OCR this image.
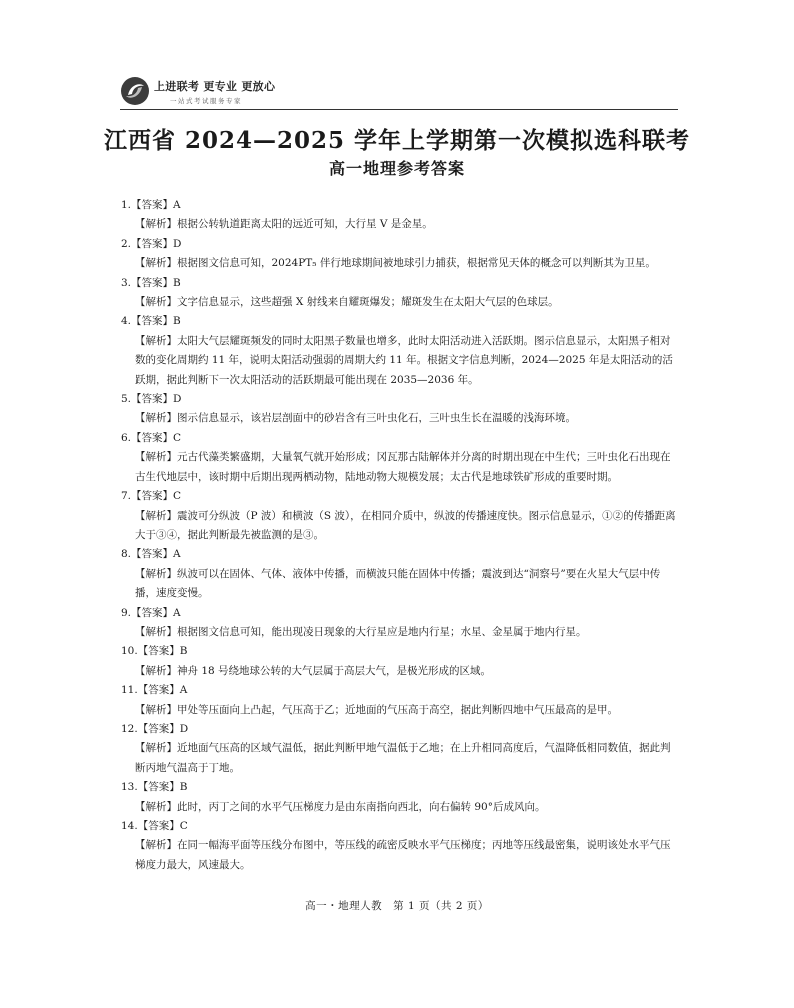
上进联考 更专业 更放心
一站式考试服务专家
江西省 2024—2025 学年上学期第一次模拟选科联考
高一地理参考答案

1.【答案】A

【解析】根据公转轨道距离太阳的远近可知，大行星 V 是金星。

2.【答案】D

【解析】根据图文信息可知，2024PT₅ 伴行地球期间被地球引力捕获，根据常见天体的概念可以判断其为卫星。

3.【答案】B

【解析】文字信息显示，这些超强 X 射线来自耀斑爆发；耀斑发生在太阳大气层的色球层。

4.【答案】B

【解析】太阳大气层耀斑频发的同时太阳黑子数量也增多，此时太阳活动进入活跃期。图示信息显示，太阳黑子相对数的变化周期约 11 年，说明太阳活动强弱的周期大约 11 年。根据文字信息判断，2024—2025 年是太阳活动的活跃期，据此判断下一次太阳活动的活跃期最可能出现在 2035—2036 年。

5.【答案】D

【解析】图示信息显示，该岩层剖面中的砂岩含有三叶虫化石，三叶虫生长在温暖的浅海环境。

6.【答案】C

【解析】元古代藻类繁盛期，大量氧气就开始形成；冈瓦那古陆解体并分离的时期出现在中生代；三叶虫化石出现在古生代地层中，该时期中后期出现两栖动物，陆地动物大规模发展；太古代是地球铁矿形成的重要时期。

7.【答案】C

【解析】震波可分纵波（P 波）和横波（S 波），在相同介质中，纵波的传播速度快。图示信息显示，①②的传播距离大于③④，据此判断最先被监测的是③。

8.【答案】A

【解析】纵波可以在固体、气体、液体中传播，而横波只能在固体中传播；震波到达“洞察号”要在火星大气层中传播，速度变慢。

9.【答案】A

【解析】根据图文信息可知，能出现凌日现象的大行星应是地内行星；水星、金星属于地内行星。

10.【答案】B

【解析】神舟 18 号绕地球公转的大气层属于高层大气，是极光形成的区域。

11.【答案】A

【解析】甲处等压面向上凸起，气压高于乙；近地面的气压高于高空，据此判断四地中气压最高的是甲。

12.【答案】D

【解析】近地面气压高的区域气温低，据此判断甲地气温低于乙地；在上升相同高度后，气温降低相同数值，据此判断丙地气温高于丁地。

13.【答案】B

【解析】此时，丙丁之间的水平气压梯度力是由东南指向西北，向右偏转 90°后成风向。

14.【答案】C

【解析】在同一幅海平面等压线分布图中，等压线的疏密反映水平气压梯度；丙地等压线最密集，说明该处水平气压梯度力最大，风速最大。

高一・地理人教　第 1 页（共 2 页）
